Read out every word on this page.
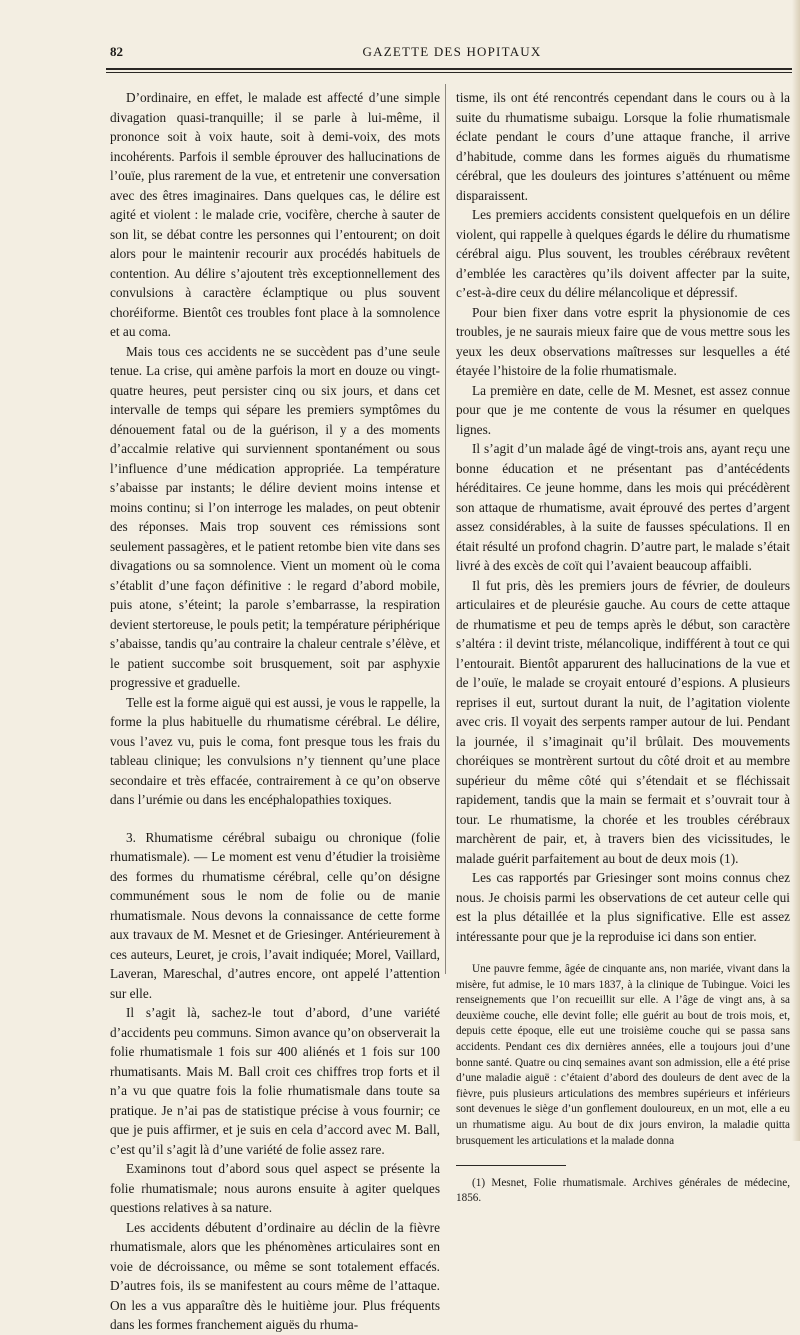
82	GAZETTE DES HOPITAUX

D’ordinaire, en effet, le malade est affecté d’une simple divagation quasi-tranquille; il se parle à lui-même, il prononce soit à voix haute, soit à demi-voix, des mots incohérents. Parfois il semble éprouver des hallucinations de l’ouïe, plus rarement de la vue, et entretenir une conversation avec des êtres imaginaires. Dans quelques cas, le délire est agité et violent : le malade crie, vocifère, cherche à sauter de son lit, se débat contre les personnes qui l’entourent; on doit alors pour le maintenir recourir aux procédés habituels de contention. Au délire s’ajoutent très exceptionnellement des convulsions à caractère éclamptique ou plus souvent choréiforme. Bientôt ces troubles font place à la somnolence et au coma.

Mais tous ces accidents ne se succèdent pas d’une seule tenue. La crise, qui amène parfois la mort en douze ou vingt-quatre heures, peut persister cinq ou six jours, et dans cet intervalle de temps qui sépare les premiers symptômes du dénouement fatal ou de la guérison, il y a des moments d’accalmie relative qui surviennent spontanément ou sous l’influence d’une médication appropriée. La température s’abaisse par instants; le délire devient moins intense et moins continu; si l’on interroge les malades, on peut obtenir des réponses. Mais trop souvent ces rémissions sont seulement passagères, et le patient retombe bien vite dans ses divagations ou sa somnolence. Vient un moment où le coma s’établit d’une façon définitive : le regard d’abord mobile, puis atone, s’éteint; la parole s’embarrasse, la respiration devient stertoreuse, le pouls petit; la température périphérique s’abaisse, tandis qu’au contraire la chaleur centrale s’élève, et le patient succombe soit brusquement, soit par asphyxie progressive et graduelle.

Telle est la forme aiguë qui est aussi, je vous le rappelle, la forme la plus habituelle du rhumatisme cérébral. Le délire, vous l’avez vu, puis le coma, font presque tous les frais du tableau clinique; les convulsions n’y tiennent qu’une place secondaire et très effacée, contrairement à ce qu’on observe dans l’urémie ou dans les encéphalopathies toxiques.

3. Rhumatisme cérébral subaigu ou chronique (folie rhumatismale). — Le moment est venu d’étudier la troisième des formes du rhumatisme cérébral, celle qu’on désigne communément sous le nom de folie ou de manie rhumatismale. Nous devons la connaissance de cette forme aux travaux de M. Mesnet et de Griesinger. Antérieurement à ces auteurs, Leuret, je crois, l’avait indiquée; Morel, Vaillard, Laveran, Mareschal, d’autres encore, ont appelé l’attention sur elle.

Il s’agit là, sachez-le tout d’abord, d’une variété d’accidents peu communs. Simon avance qu’on observerait la folie rhumatismale 1 fois sur 400 aliénés et 1 fois sur 100 rhumatisants. Mais M. Ball croit ces chiffres trop forts et il n’a vu que quatre fois la folie rhumatismale dans toute sa pratique. Je n’ai pas de statistique précise à vous fournir; ce que je puis affirmer, et je suis en cela d’accord avec M. Ball, c’est qu’il s’agit là d’une variété de folie assez rare.

Examinons tout d’abord sous quel aspect se présente la folie rhumatismale; nous aurons ensuite à agiter quelques questions relatives à sa nature.

Les accidents débutent d’ordinaire au déclin de la fièvre rhumatismale, alors que les phénomènes articulaires sont en voie de décroissance, ou même se sont totalement effacés. D’autres fois, ils se manifestent au cours même de l’attaque. On les a vus apparaître dès le huitième jour. Plus fréquents dans les formes franchement aiguës du rhuma-

tisme, ils ont été rencontrés cependant dans le cours ou à la suite du rhumatisme subaigu. Lorsque la folie rhumatismale éclate pendant le cours d’une attaque franche, il arrive d’habitude, comme dans les formes aiguës du rhumatisme cérébral, que les douleurs des jointures s’atténuent ou même disparaissent.

Les premiers accidents consistent quelquefois en un délire violent, qui rappelle à quelques égards le délire du rhumatisme cérébral aigu. Plus souvent, les troubles cérébraux revêtent d’emblée les caractères qu’ils doivent affecter par la suite, c’est-à-dire ceux du délire mélancolique et dépressif.

Pour bien fixer dans votre esprit la physionomie de ces troubles, je ne saurais mieux faire que de vous mettre sous les yeux les deux observations maîtresses sur lesquelles a été étayée l’histoire de la folie rhumatismale.

La première en date, celle de M. Mesnet, est assez connue pour que je me contente de vous la résumer en quelques lignes.

Il s’agit d’un malade âgé de vingt-trois ans, ayant reçu une bonne éducation et ne présentant pas d’antécédents héréditaires. Ce jeune homme, dans les mois qui précédèrent son attaque de rhumatisme, avait éprouvé des pertes d’argent assez considérables, à la suite de fausses spéculations. Il en était résulté un profond chagrin. D’autre part, le malade s’était livré à des excès de coït qui l’avaient beaucoup affaibli.

Il fut pris, dès les premiers jours de février, de douleurs articulaires et de pleurésie gauche. Au cours de cette attaque de rhumatisme et peu de temps après le début, son caractère s’altéra : il devint triste, mélancolique, indifférent à tout ce qui l’entourait. Bientôt apparurent des hallucinations de la vue et de l’ouïe, le malade se croyait entouré d’espions. A plusieurs reprises il eut, surtout durant la nuit, de l’agitation violente avec cris. Il voyait des serpents ramper autour de lui. Pendant la journée, il s’imaginait qu’il brûlait. Des mouvements choréiques se montrèrent surtout du côté droit et au membre supérieur du même côté qui s’étendait et se fléchissait rapidement, tandis que la main se fermait et s’ouvrait tour à tour. Le rhumatisme, la chorée et les troubles cérébraux marchèrent de pair, et, à travers bien des vicissitudes, le malade guérit parfaitement au bout de deux mois (1).

Les cas rapportés par Griesinger sont moins connus chez nous. Je choisis parmi les observations de cet auteur celle qui est la plus détaillée et la plus significative. Elle est assez intéressante pour que je la reproduise ici dans son entier.

Une pauvre femme, âgée de cinquante ans, non mariée, vivant dans la misère, fut admise, le 10 mars 1837, à la clinique de Tubingue. Voici les renseignements que l’on recueillit sur elle. A l’âge de vingt ans, à sa deuxième couche, elle devint folle; elle guérit au bout de trois mois, et, depuis cette époque, elle eut une troisième couche qui se passa sans accidents. Pendant ces dix dernières années, elle a toujours joui d’une bonne santé. Quatre ou cinq semaines avant son admission, elle a été prise d’une maladie aiguë : c’étaient d’abord des douleurs de dent avec de la fièvre, puis plusieurs articulations des membres supérieurs et inférieurs sont devenues le siège d’un gonflement douloureux, en un mot, elle a eu un rhumatisme aigu. Au bout de dix jours environ, la maladie quitta brusquement les articulations et la malade donna

(1) Mesnet, Folie rhumatismale. Archives générales de médecine, 1856.
